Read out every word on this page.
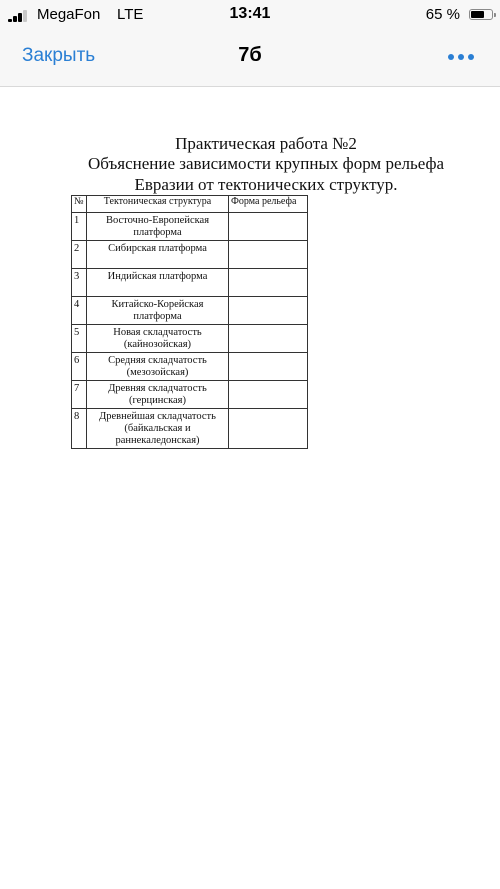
MegaFon LTE	13:41	65 %
Закрыть	7б
Практическая работа №2
Объяснение зависимости крупных форм рельефа
Евразии от тектонических структур.
№	Тектоническая структура	Форма рельефа
1	Восточно-Европейская
платформа	
2	Сибирская платформа	
3	Индийская платформа	
4	Китайско-Корейская
платформа	
5	Новая складчатость
(кайнозойская)	
6	Средняя складчатость
(мезозойская)	
7	Древняя складчатость
(герцинская)	
8	Древнейшая складчатость
(байкальская и
раннекаледонская)	
